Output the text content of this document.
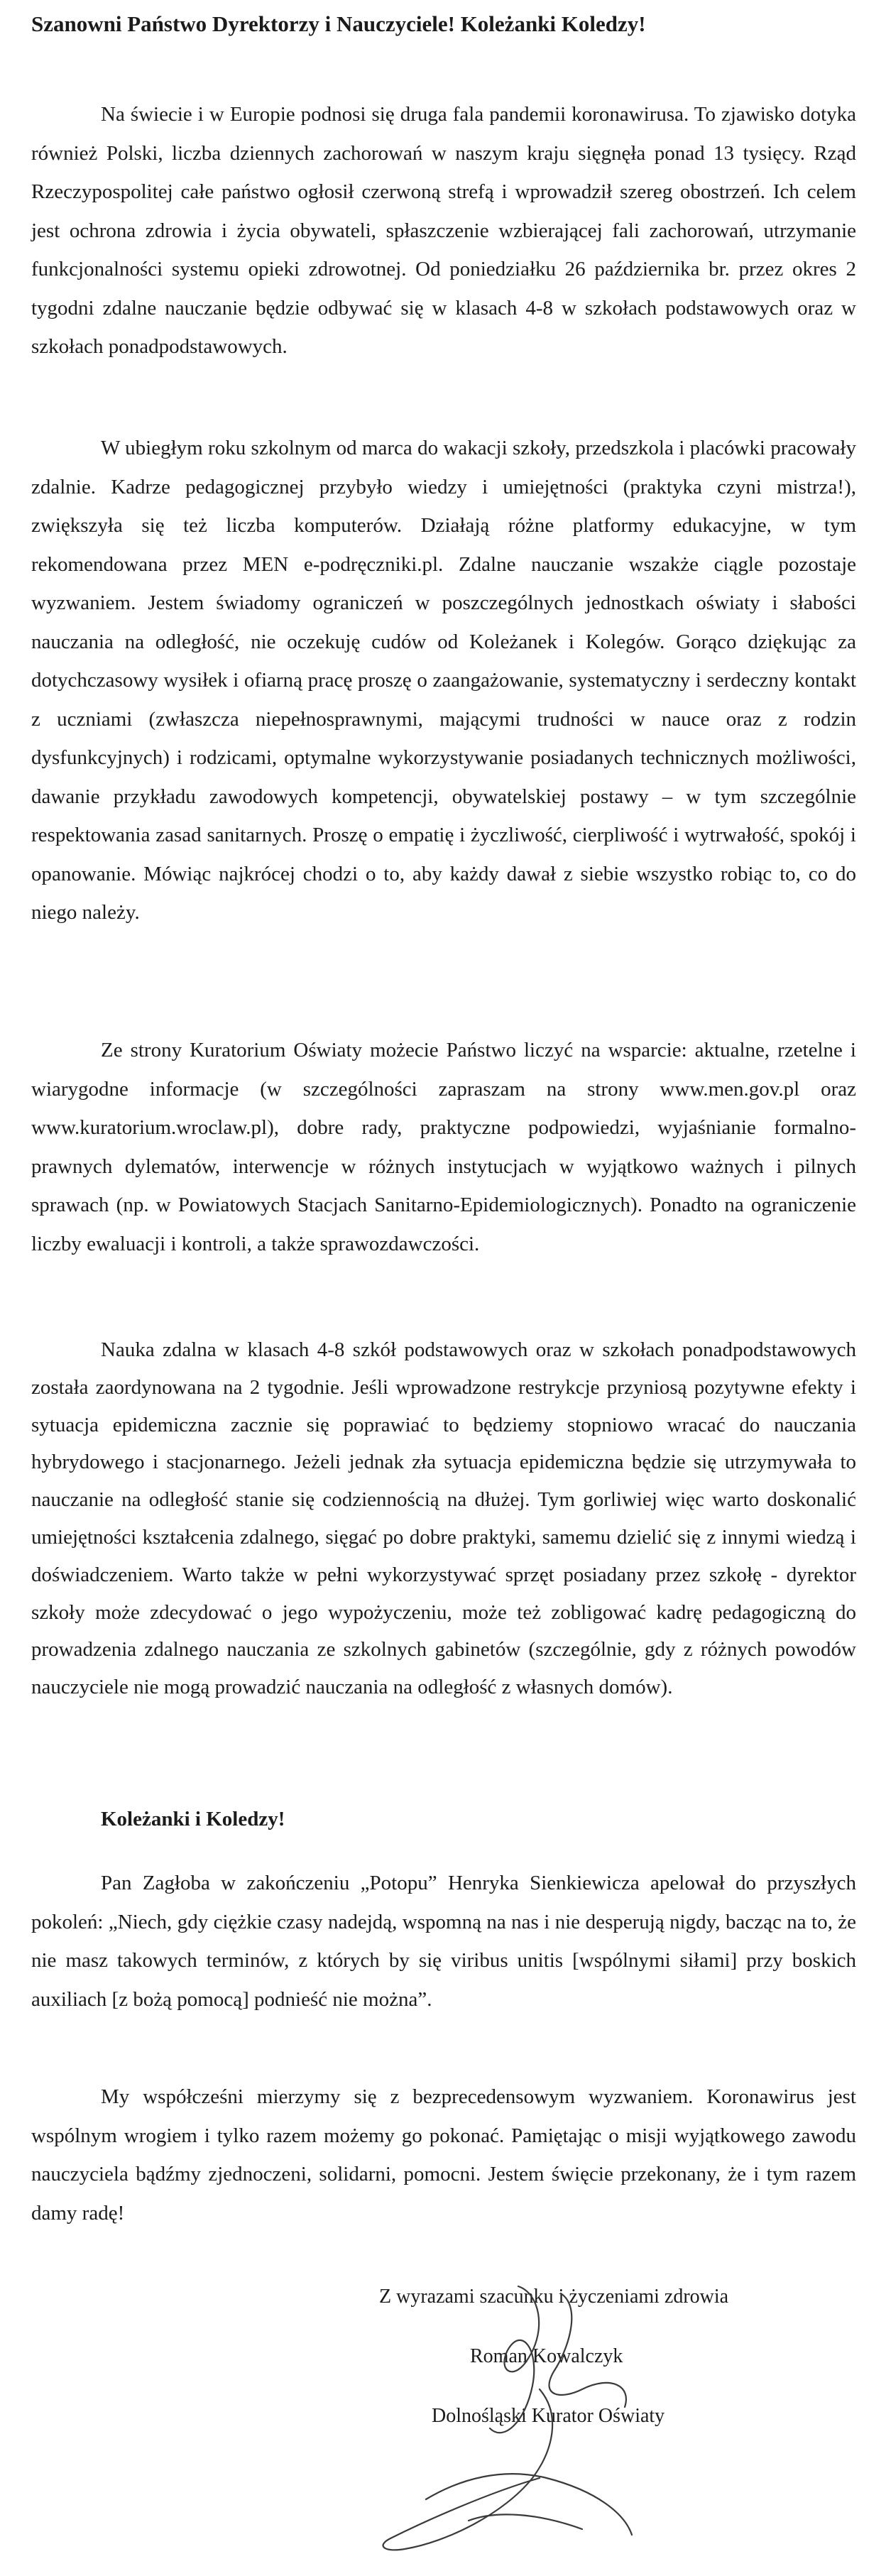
Szanowni Państwo Dyrektorzy i Nauczyciele! Koleżanki Koledzy!

Na świecie i w Europie podnosi się druga fala pandemii koronawirusa. To zjawisko dotyka również Polski, liczba dziennych zachorowań w naszym kraju sięgnęła ponad 13 tysięcy. Rząd Rzeczypospolitej całe państwo ogłosił czerwoną strefą i wprowadził szereg obostrzeń. Ich celem jest ochrona zdrowia i życia obywateli, spłaszczenie wzbierającej fali zachorowań, utrzymanie funkcjonalności systemu opieki zdrowotnej. Od poniedziałku 26 października br. przez okres 2 tygodni zdalne nauczanie będzie odbywać się w klasach 4-8 w szkołach podstawowych oraz w szkołach ponadpodstawowych.

W ubiegłym roku szkolnym od marca do wakacji szkoły, przedszkola i placówki pracowały zdalnie. Kadrze pedagogicznej przybyło wiedzy i umiejętności (praktyka czyni mistrza!), zwiększyła się też liczba komputerów. Działają różne platformy edukacyjne, w tym rekomendowana przez MEN e-podręczniki.pl. Zdalne nauczanie wszakże ciągle pozostaje wyzwaniem. Jestem świadomy ograniczeń w poszczególnych jednostkach oświaty i słabości nauczania na odległość, nie oczekuję cudów od Koleżanek i Kolegów. Gorąco dziękując za dotychczasowy wysiłek i ofiarną pracę proszę o zaangażowanie, systematyczny i serdeczny kontakt z uczniami (zwłaszcza niepełnosprawnymi, mającymi trudności w nauce oraz z rodzin dysfunkcyjnych) i rodzicami, optymalne wykorzystywanie posiadanych technicznych możliwości, dawanie przykładu zawodowych kompetencji, obywatelskiej postawy – w tym szczególnie respektowania zasad sanitarnych. Proszę o empatię i życzliwość, cierpliwość i wytrwałość, spokój i opanowanie. Mówiąc najkrócej chodzi o to, aby każdy dawał z siebie wszystko robiąc to, co do niego należy.

Ze strony Kuratorium Oświaty możecie Państwo liczyć na wsparcie: aktualne, rzetelne i wiarygodne informacje (w szczególności zapraszam na strony www.men.gov.pl oraz www.kuratorium.wroclaw.pl), dobre rady, praktyczne podpowiedzi, wyjaśnianie formalno-prawnych dylematów, interwencje w różnych instytucjach w wyjątkowo ważnych i pilnych sprawach (np. w Powiatowych Stacjach Sanitarno-Epidemiologicznych). Ponadto na ograniczenie liczby ewaluacji i kontroli, a także sprawozdawczości.

Nauka zdalna w klasach 4-8 szkół podstawowych oraz w szkołach ponadpodstawowych została zaordynowana na 2 tygodnie. Jeśli wprowadzone restrykcje przyniosą pozytywne efekty i sytuacja epidemiczna zacznie się poprawiać to będziemy stopniowo wracać do nauczania hybrydowego i stacjonarnego. Jeżeli jednak zła sytuacja epidemiczna będzie się utrzymywała to nauczanie na odległość stanie się codziennością na dłużej. Tym gorliwiej więc warto doskonalić umiejętności kształcenia zdalnego, sięgać po dobre praktyki, samemu dzielić się z innymi wiedzą i doświadczeniem. Warto także w pełni wykorzystywać sprzęt posiadany przez szkołę - dyrektor szkoły może zdecydować o jego wypożyczeniu, może też zobligować kadrę pedagogiczną do prowadzenia zdalnego nauczania ze szkolnych gabinetów (szczególnie, gdy z różnych powodów nauczyciele nie mogą prowadzić nauczania na odległość z własnych domów).

Koleżanki i Koledzy!

Pan Zagłoba w zakończeniu „Potopu” Henryka Sienkiewicza apelował do przyszłych pokoleń: „Niech, gdy ciężkie czasy nadejdą, wspomną na nas i nie desperują nigdy, bacząc na to, że nie masz takowych terminów, z których by się viribus unitis [wspólnymi siłami] przy boskich auxiliach [z bożą pomocą] podnieść nie można”.

My współcześni mierzymy się z bezprecedensowym wyzwaniem. Koronawirus jest wspólnym wrogiem i tylko razem możemy go pokonać. Pamiętając o misji wyjątkowego zawodu nauczyciela bądźmy zjednoczeni, solidarni, pomocni. Jestem święcie przekonany, że i tym razem damy radę!

Z wyrazami szacunku i życzeniami zdrowia

Roman Kowalczyk

Dolnośląski Kurator Oświaty
